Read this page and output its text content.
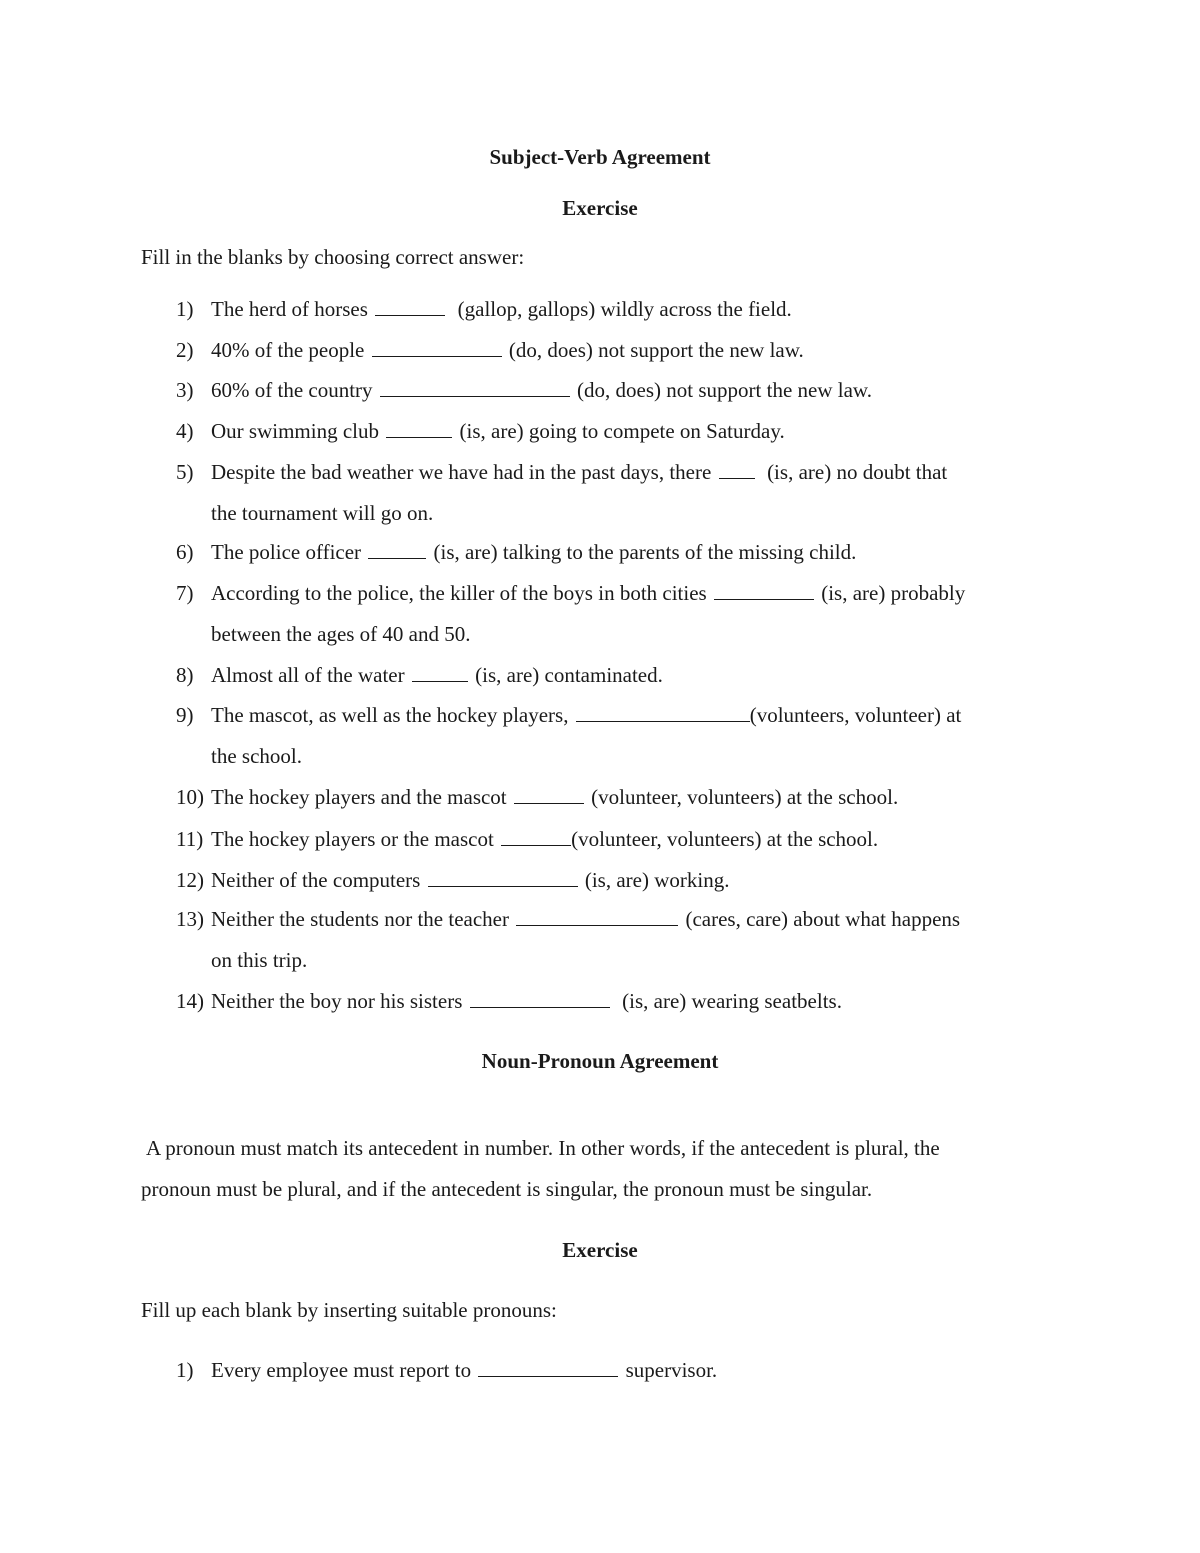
Subject-Verb Agreement
Exercise
Fill in the blanks by choosing correct answer:
1) The herd of horses	(gallop, gallops) wildly across the field.
2) 40% of the people	(do, does) not support the new law.
3) 60% of the country	(do, does) not support the new law.
4) Our swimming club	(is, are) going to compete on Saturday.
5) Despite the bad weather we have had in the past days, there	(is, are) no doubt that
the tournament will go on.
6) The police officer	(is, are) talking to the parents of the missing child.
7) According to the police, the killer of the boys in both cities	(is, are) probably
between the ages of 40 and 50.
8) Almost all of the water	(is, are) contaminated.
9) The mascot, as well as the hockey players,	(volunteers, volunteer) at
the school.
10) The hockey players and the mascot	(volunteer, volunteers) at the school.
11) The hockey players or the mascot	(volunteer, volunteers) at the school.
12) Neither of the computers	(is, are) working.
13) Neither the students nor the teacher	(cares, care) about what happens
on this trip.
14) Neither the boy nor his sisters	(is, are) wearing seatbelts.
Noun-Pronoun Agreement
A pronoun must match its antecedent in number. In other words, if the antecedent is plural, the
pronoun must be plural, and if the antecedent is singular, the pronoun must be singular.
Exercise
Fill up each blank by inserting suitable pronouns:
1) Every employee must report to	supervisor.
